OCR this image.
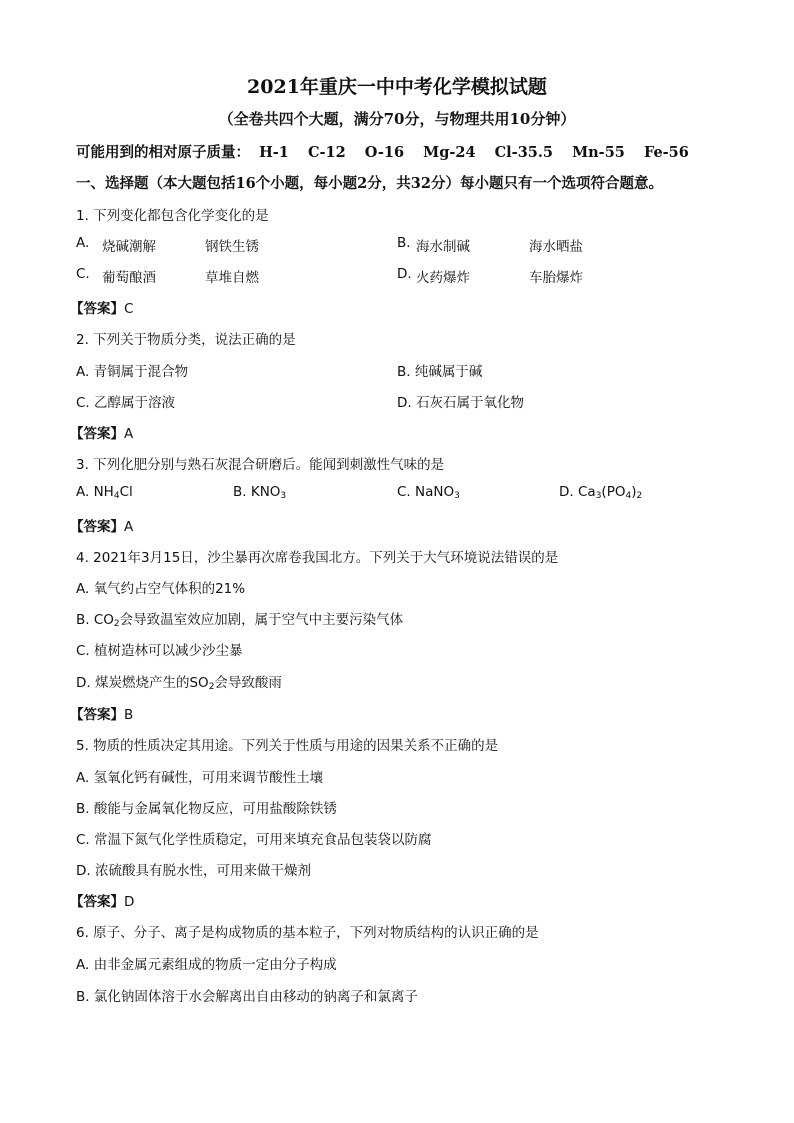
2021年重庆一中中考化学模拟试题
（全卷共四个大题，满分70分，与物理共用10分钟）
可能用到的相对原子质量： H-1 C-12 O-16 Mg-24 Cl-35.5 Mn-55 Fe-56
一、选择题（本大题包括16个小题，每小题2分，共32分）每小题只有一个选项符合题意。
1. 下列变化都包含化学变化的是
A. 烧碱潮解	钢铁生锈	B. 海水制碱	海水晒盐
C. 葡萄酿酒	草堆自燃	D. 火药爆炸	车胎爆炸
【答案】C
2. 下列关于物质分类，说法正确的是
A. 青铜属于混合物	B. 纯碱属于碱
C. 乙醇属于溶液	D. 石灰石属于氧化物
【答案】A
3. 下列化肥分别与熟石灰混合研磨后。能闻到刺激性气味的是
A. $NH_4Cl$	B. $KNO_3$	C. NaNO$_3$	D. $Ca_3(PO_4)_2$
【答案】A
4. 2021年3月15日，沙尘暴再次席卷我国北方。下列关于大气环境说法错误的是
A. 氧气约占空气体积的21%
B. $CO_2$会导致温室效应加剧，属于空气中主要污染气体
C. 植树造林可以减少沙尘暴
D. 煤炭燃烧产生的$SO_2$会导致酸雨
【答案】B
5. 物质的性质决定其用途。下列关于性质与用途的因果关系不正确的是
A. 氢氧化钙有碱性，可用来调节酸性土壤
B. 酸能与金属氧化物反应，可用盐酸除铁锈
C. 常温下氮气化学性质稳定，可用来填充食品包装袋以防腐
D. 浓硫酸具有脱水性，可用来做干燥剂
【答案】D
6. 原子、分子、离子是构成物质的基本粒子，下列对物质结构的认识正确的是
A. 由非金属元素组成的物质一定由分子构成
B. 氯化钠固体溶于水会解离出自由移动的钠离子和氯离子
